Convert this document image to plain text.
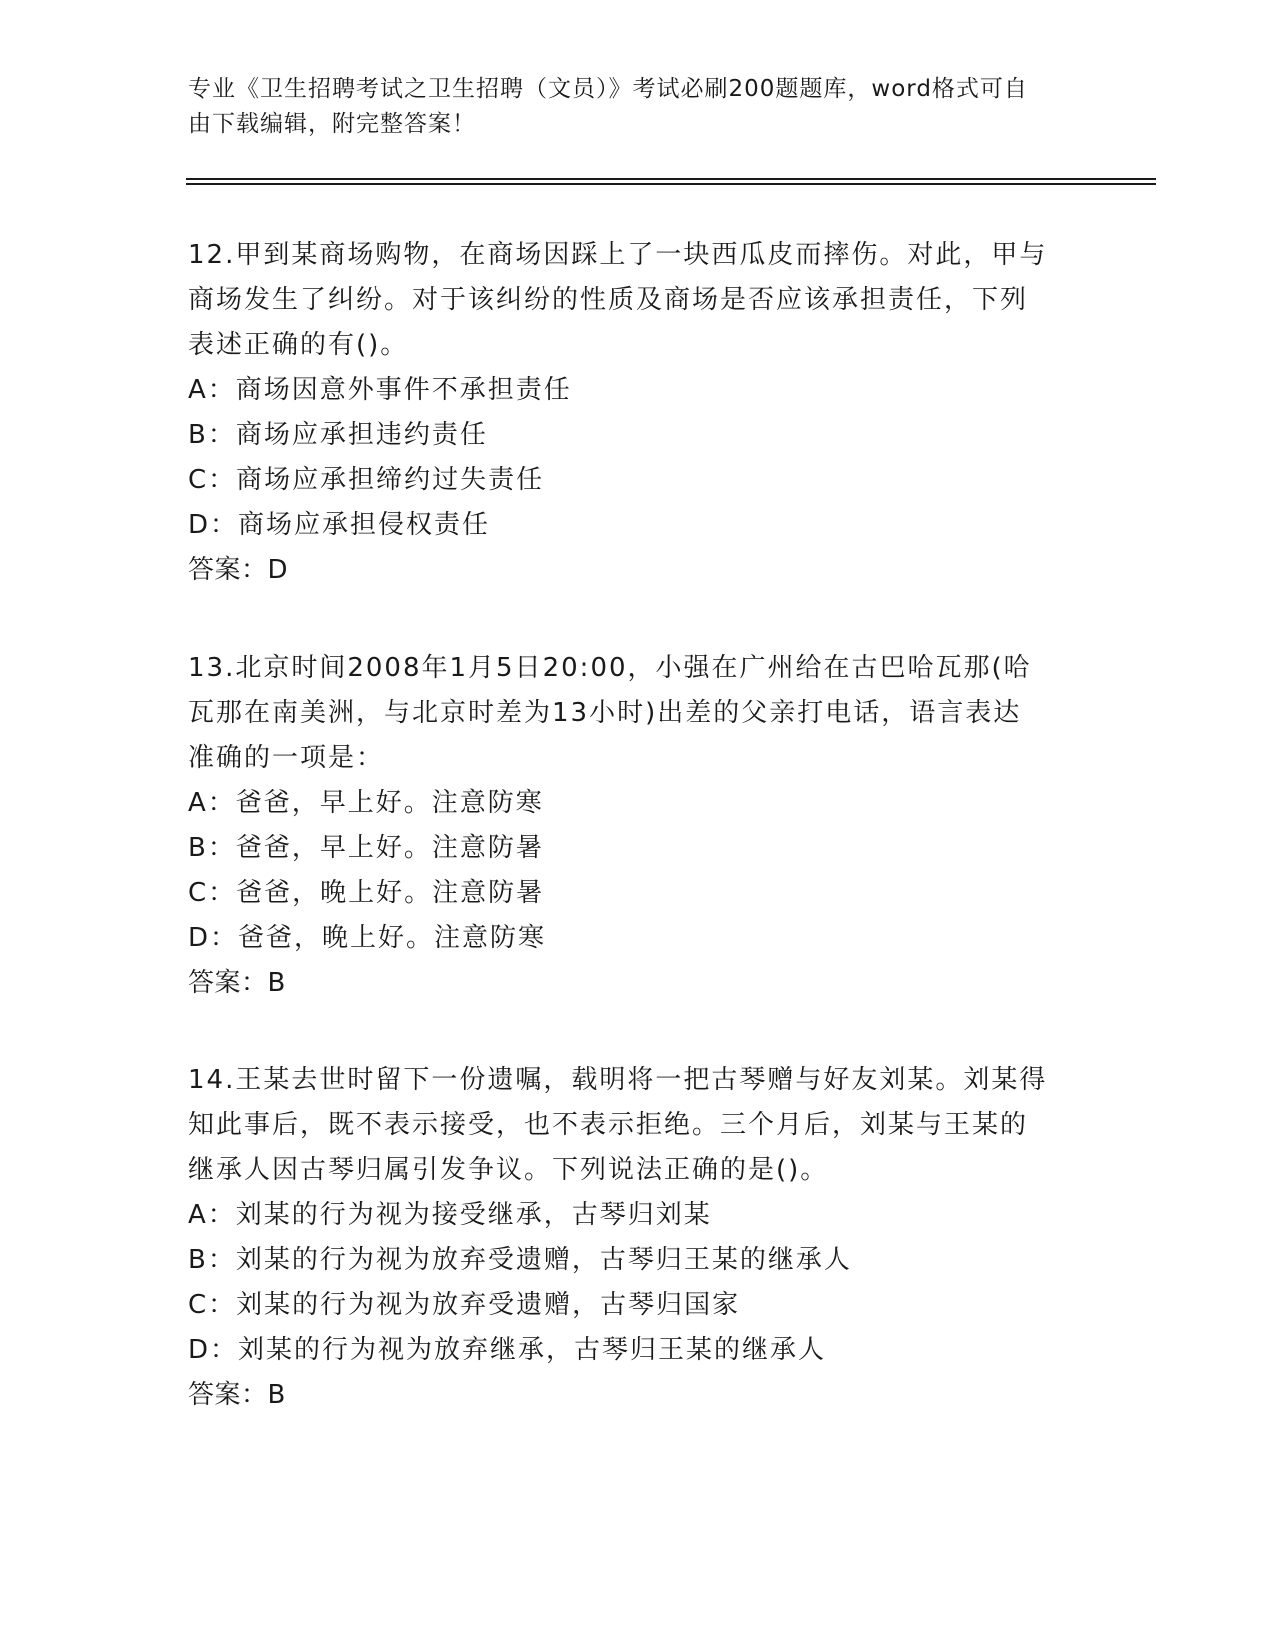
专业《卫生招聘考试之卫生招聘（文员）》考试必刷200题题库，word格式可自
由下载编辑，附完整答案！

12.甲到某商场购物，在商场因踩上了一块西瓜皮而摔伤。对此，甲与

商场发生了纠纷。对于该纠纷的性质及商场是否应该承担责任，下列

表述正确的有()。

A：商场因意外事件不承担责任

B：商场应承担违约责任

C：商场应承担缔约过失责任

D：商场应承担侵权责任

答案：D

13.北京时间2008年1月5日20:00，小强在广州给在古巴哈瓦那(哈

瓦那在南美洲，与北京时差为13小时)出差的父亲打电话，语言表达

准确的一项是：

A：爸爸，早上好。注意防寒

B：爸爸，早上好。注意防暑

C：爸爸，晚上好。注意防暑

D：爸爸，晚上好。注意防寒

答案：B

14.王某去世时留下一份遗嘱，载明将一把古琴赠与好友刘某。刘某得

知此事后，既不表示接受，也不表示拒绝。三个月后，刘某与王某的

继承人因古琴归属引发争议。下列说法正确的是()。

A：刘某的行为视为接受继承，古琴归刘某

B：刘某的行为视为放弃受遗赠，古琴归王某的继承人

C：刘某的行为视为放弃受遗赠，古琴归国家

D：刘某的行为视为放弃继承，古琴归王某的继承人

答案：B
